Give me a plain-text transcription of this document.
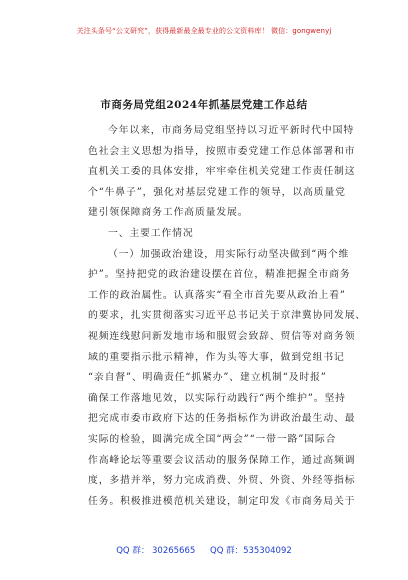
关注头条号“公文研究”，获得最新最全最专业的公文资料库！ 微信：gongwenyj
市商务局党组2024年抓基层党建工作总结
今年以来，市商务局党组坚持以习近平新时代中国特
色社会主义思想为指导，按照市委党建工作总体部署和市
直机关工委的具体安排，牢牢牵住机关党建工作责任制这
个“牛鼻子”，强化对基层党建工作的领导，以高质量党
建引领保障商务工作高质量发展。
一、主要工作情况
（一）加强政治建设，用实际行动坚决做到“两个维
护”。坚持把党的政治建设摆在首位，精准把握全市商务
工作的政治属性。认真落实“看全市首先要从政治上看”
的要求，扎实贯彻落实习近平总书记关于京津冀协同发展、
视频连线慰问新发地市场和服贸会致辞、贸信等对商务领
域的重要指示批示精神，作为头等大事，做到党组书记
“亲自督”、明确责任“抓紧办”、建立机制“及时报”
确保工作落地见效，以实际行动践行“两个维护”。坚持
把完成市委市政府下达的任务指标作为讲政治最生动、最
实际的检验，圆满完成全国“两会”“一带一路”国际合
作高峰论坛等重要会议活动的服务保障工作，通过高频调
度，多措并举，努力完成消费、外贸、外资、外经等指标
任务。积极推进模范机关建设，制定印发《市商务局关于
QQ 群： 30265665 QQ 群：535304092
